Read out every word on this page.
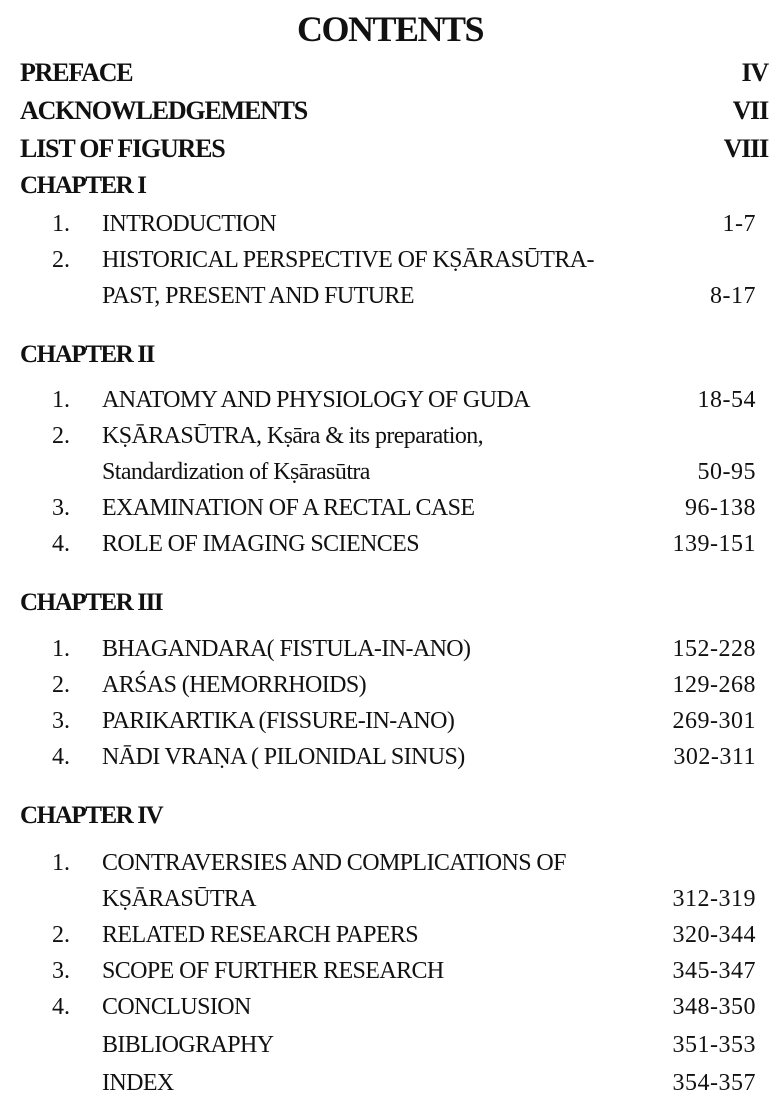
CONTENTS
PREFACE	IV
ACKNOWLEDGEMENTS	VII
LIST OF FIGURES	VIII
CHAPTER I
1. INTRODUCTION	1-7
2. HISTORICAL PERSPECTIVE OF KṢĀRASŪTRA-
PAST, PRESENT AND FUTURE	8-17
CHAPTER II
1. ANATOMY AND PHYSIOLOGY OF GUDA	18-54
2. KṢĀRASŪTRA, Kṣāra & its preparation,
Standardization of Kṣārasūtra	50-95
3. EXAMINATION OF A RECTAL CASE	96-138
4. ROLE OF IMAGING SCIENCES	139-151
CHAPTER III
1. BHAGANDARA( FISTULA-IN-ANO)	152-228
2. ARŚAS (HEMORRHOIDS)	129-268
3. PARIKARTIKA (FISSURE-IN-ANO)	269-301
4. NĀDI VRAṆA ( PILONIDAL SINUS)	302-311
CHAPTER IV
1. CONTRAVERSIES AND COMPLICATIONS OF
KṢĀRASŪTRA	312-319
2. RELATED RESEARCH PAPERS	320-344
3. SCOPE OF FURTHER RESEARCH	345-347
4. CONCLUSION	348-350
BIBLIOGRAPHY	351-353
INDEX	354-357
